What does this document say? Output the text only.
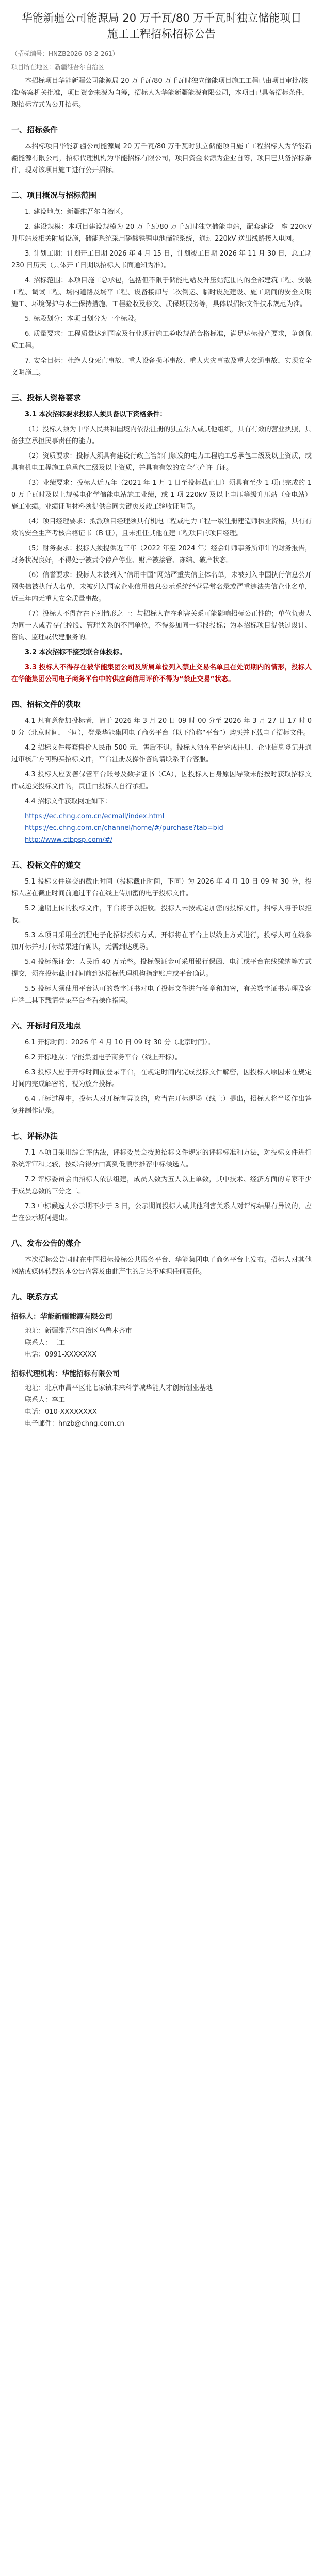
华能新疆公司能源局 20 万千瓦/80 万千瓦时独立储能项目施工工程招标招标公告
（招标编号：HNZB2026-03-2-261）
项目所在地区：新疆维吾尔自治区
本招标项目华能新疆公司能源局 20 万千瓦/80 万千瓦时独立储能项目施工工程已由项目审批/核准/备案机关批准，项目资金来源为自筹，招标人为华能新疆能源有限公司，本项目已具备招标条件，现招标方式为公开招标。
一、招标条件
本招标项目华能新疆公司能源局 20 万千瓦/80 万千瓦时独立储能项目施工工程招标人为华能新疆能源有限公司，招标代理机构为华能招标有限公司，项目资金来源为企业自筹，项目已具备招标条件，现对该项目施工进行公开招标。
二、项目概况与招标范围
1. 建设地点：新疆维吾尔自治区。
2. 建设规模：本项目建设规模为 20 万千瓦/80 万千瓦时独立储能电站，配套建设一座 220kV 升压站及相关附属设施，储能系统采用磷酸铁锂电池储能系统，通过 220kV 送出线路接入电网。
3. 计划工期：计划开工日期 2026 年 4 月 15 日，计划竣工日期 2026 年 11 月 30 日，总工期 230 日历天（具体开工日期以招标人书面通知为准）。
4. 招标范围：本项目施工总承包，包括但不限于储能电站及升压站范围内的全部建筑工程、安装工程、调试工程、场内道路及场平工程、设备接卸与二次倒运、临时设施建设、施工期间的安全文明施工、环境保护与水土保持措施、工程验收及移交、质保期服务等，具体以招标文件技术规范为准。
5. 标段划分：本项目划分为一个标段。
6. 质量要求：工程质量达到国家及行业现行施工验收规范合格标准，满足达标投产要求，争创优质工程。
7. 安全目标：杜绝人身死亡事故、重大设备损坏事故、重大火灾事故及重大交通事故，实现安全文明施工。
三、投标人资格要求
3.1 本次招标要求投标人须具备以下资格条件：
（1）投标人须为中华人民共和国境内依法注册的独立法人或其他组织，具有有效的营业执照，具备独立承担民事责任的能力。
（2）资质要求：投标人须具有建设行政主管部门颁发的电力工程施工总承包二级及以上资质，或具有机电工程施工总承包二级及以上资质，并具有有效的安全生产许可证。
（3）业绩要求：投标人近五年（2021 年 1 月 1 日至投标截止日）须具有至少 1 项已完成的 10 万千瓦时及以上规模电化学储能电站施工业绩，或 1 项 220kV 及以上电压等级升压站（变电站）施工业绩。业绩证明材料须提供合同关键页及竣工验收证明等。
（4）项目经理要求：拟派项目经理须具有机电工程或电力工程一级注册建造师执业资格，具有有效的安全生产考核合格证书（B 证），且未担任其他在建工程项目的项目经理。
（5）财务要求：投标人须提供近三年（2022 年至 2024 年）经会计师事务所审计的财务报告，财务状况良好，不得处于被责令停产停业、财产被接管、冻结、破产状态。
（6）信誉要求：投标人未被列入“信用中国”网站严重失信主体名单，未被列入中国执行信息公开网失信被执行人名单，未被列入国家企业信用信息公示系统经营异常名录或严重违法失信企业名单，近三年内无重大安全质量事故。
（7）投标人不得存在下列情形之一：与招标人存在利害关系可能影响招标公正性的；单位负责人为同一人或者存在控股、管理关系的不同单位，不得参加同一标段投标；为本招标项目提供过设计、咨询、监理或代建服务的。
3.2 本次招标不接受联合体投标。
3.3 投标人不得存在被华能集团公司及所属单位列入禁止交易名单且在处罚期内的情形，投标人在华能集团公司电子商务平台中的供应商信用评价不得为“禁止交易”状态。
四、招标文件的获取
4.1 凡有意参加投标者，请于 2026 年 3 月 20 日 09 时 00 分至 2026 年 3 月 27 日 17 时 00 分（北京时间，下同），登录华能集团电子商务平台（以下简称“平台”）购买并下载电子招标文件。
4.2 招标文件每套售价人民币 500 元，售后不退。投标人须在平台完成注册、企业信息登记并通过审核后方可购买招标文件，平台注册及操作咨询请联系平台客服。
4.3 投标人应妥善保管平台账号及数字证书（CA），因投标人自身原因导致未能按时获取招标文件或递交投标文件的，责任由投标人自行承担。
4.4 招标文件获取网址如下：
https://ec.chng.com.cn/ecmall/index.html
https://ec.chng.com.cn/channel/home/#/purchase?tab=bid
http://www.ctbpsp.com/#/
五、投标文件的递交
5.1 投标文件递交的截止时间（投标截止时间，下同）为 2026 年 4 月 10 日 09 时 30 分，投标人应在截止时间前通过平台在线上传加密的电子投标文件。
5.2 逾期上传的投标文件，平台将予以拒收。投标人未按规定加密的投标文件，招标人将予以拒收。
5.3 本项目采用全流程电子化招标投标方式，开标将在平台上以线上方式进行，投标人可在线参加开标并对开标结果进行确认，无需到达现场。
5.4 投标保证金：人民币 40 万元整。投标保证金可采用银行保函、电汇或平台在线缴纳等方式提交，须在投标截止时间前到达招标代理机构指定账户或平台确认。
5.5 投标人须使用平台认可的数字证书对电子投标文件进行签章和加密，有关数字证书办理及客户端工具下载请登录平台查看操作指南。
六、开标时间及地点
6.1 开标时间：2026 年 4 月 10 日 09 时 30 分（北京时间）。
6.2 开标地点：华能集团电子商务平台（线上开标）。
6.3 投标人应于开标时间前登录平台，在规定时间内完成投标文件解密，因投标人原因未在规定时间内完成解密的，视为放弃投标。
6.4 开标过程中，投标人对开标有异议的，应当在开标现场（线上）提出，招标人将当场作出答复并制作记录。
七、评标办法
7.1 本项目采用综合评估法，评标委员会按照招标文件规定的评标标准和方法，对投标文件进行系统评审和比较，按综合得分由高到低顺序推荐中标候选人。
7.2 评标委员会由招标人依法组建，成员人数为五人以上单数，其中技术、经济方面的专家不少于成员总数的三分之二。
7.3 中标候选人公示期不少于 3 日，公示期间投标人或其他利害关系人对评标结果有异议的，应当在公示期间提出。
八、发布公告的媒介
本次招标公告同时在中国招标投标公共服务平台、华能集团电子商务平台上发布。招标人对其他网站或媒体转载的本公告内容及由此产生的后果不承担任何责任。
九、联系方式
招标人：华能新疆能源有限公司
地址：新疆维吾尔自治区乌鲁木齐市
联系人：王工
电话：0991-XXXXXXX
招标代理机构：华能招标有限公司
地址：北京市昌平区北七家镇未来科学城华能人才创新创业基地
联系人：李工
电话：010-XXXXXXXX
电子邮件：hnzb@chng.com.cn
